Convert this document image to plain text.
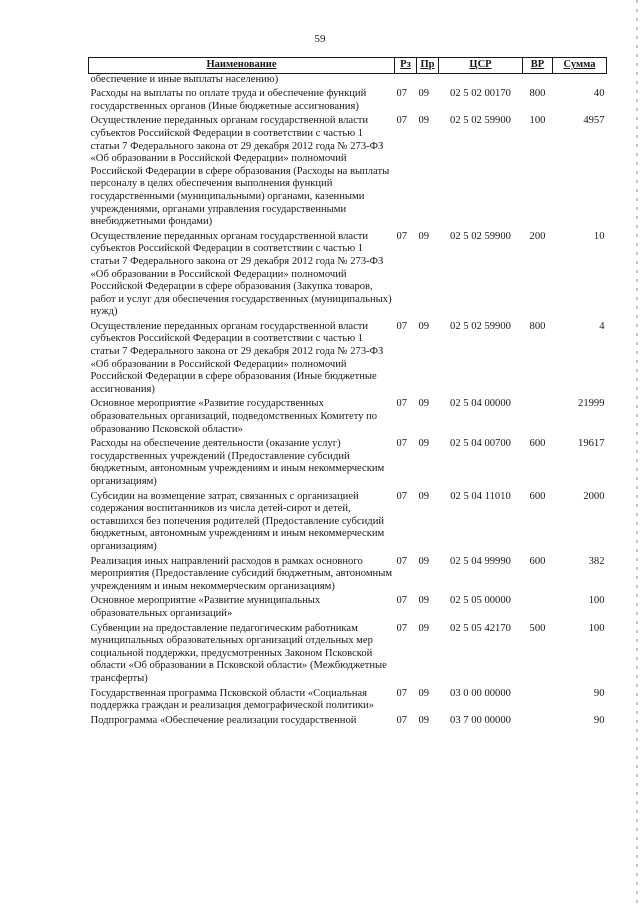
59
Наименование	Рз	Пр	ЦСР	ВР	Сумма
обеспечение и иные выплаты населению)					
Расходы на выплаты по оплате труда и обеспечение функций государственных органов (Иные бюджетные ассигнования)	07	09	02 5 02 00170	800	40
Осуществление переданных органам государственной власти субъектов Российской Федерации в соответствии с частью 1 статьи 7 Федерального закона от 29 декабря 2012 года № 273-ФЗ «Об образовании в Российской Федерации» полномочий Российской Федерации в сфере образования (Расходы на выплаты персоналу в целях обеспечения выполнения функций государственными (муниципальными) органами, казенными учреждениями, органами управления государственными внебюджетными фондами)	07	09	02 5 02 59900	100	4957
Осуществление переданных органам государственной власти субъектов Российской Федерации в соответствии с частью 1 статьи 7 Федерального закона от 29 декабря 2012 года № 273-ФЗ «Об образовании в Российской Федерации» полномочий Российской Федерации в сфере образования (Закупка товаров, работ и услуг для обеспечения государственных (муниципальных) нужд)	07	09	02 5 02 59900	200	10
Осуществление переданных органам государственной власти субъектов Российской Федерации в соответствии с частью 1 статьи 7 Федерального закона от 29 декабря 2012 года № 273-ФЗ «Об образовании в Российской Федерации» полномочий Российской Федерации в сфере образования (Иные бюджетные ассигнования)	07	09	02 5 02 59900	800	4
Основное мероприятие «Развитие государственных образовательных организаций, подведомственных Комитету по образованию Псковской области»	07	09	02 5 04 00000		21999
Расходы на обеспечение деятельности (оказание услуг) государственных учреждений (Предоставление субсидий бюджетным, автономным учреждениям и иным некоммерческим организациям)	07	09	02 5 04 00700	600	19617
Субсидии на возмещение затрат, связанных с организацией содержания воспитанников из числа детей-сирот и детей, оставшихся без попечения родителей (Предоставление субсидий бюджетным, автономным учреждениям и иным некоммерческим организациям)	07	09	02 5 04 11010	600	2000
Реализация иных направлений расходов в рамках основного мероприятия (Предоставление субсидий бюджетным, автономным учреждениям и иным некоммерческим организациям)	07	09	02 5 04 99990	600	382
Основное мероприятие «Развитие муниципальных образовательных организаций»	07	09	02 5 05 00000		100
Субвенции на предоставление педагогическим работникам муниципальных образовательных организаций отдельных мер социальной поддержки, предусмотренных Законом Псковской области «Об образовании в Псковской области» (Межбюджетные трансферты)	07	09	02 5 05 42170	500	100
Государственная программа Псковской области «Социальная поддержка граждан и реализация демографической политики»	07	09	03 0 00 00000		90
Подпрограмма «Обеспечение реализации государственной	07	09	03 7 00 00000		90
